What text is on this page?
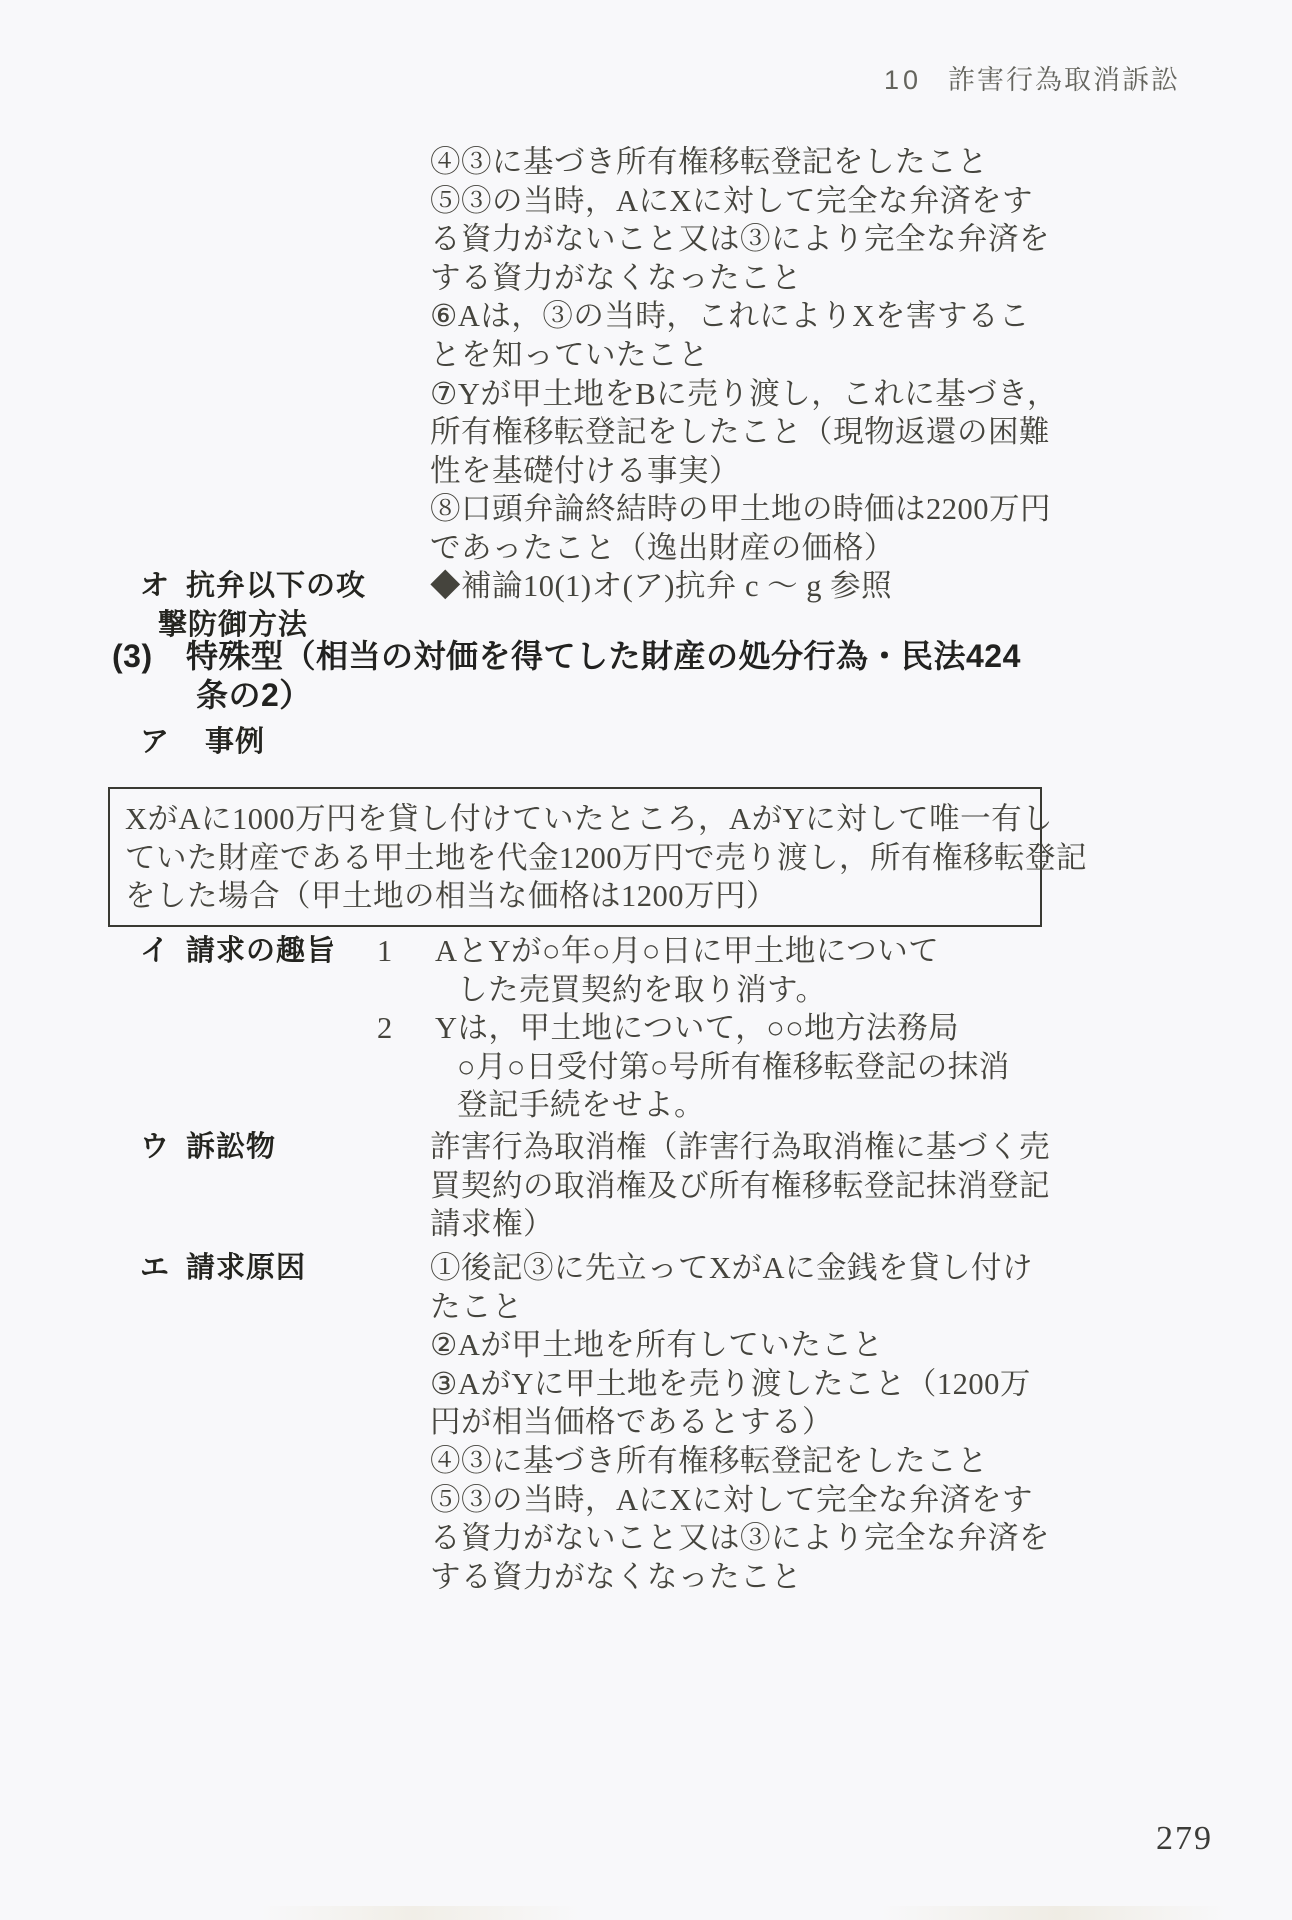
10 詐害行為取消訴訟
④③に基づき所有権移転登記をしたこと
⑤③の当時，AにXに対して完全な弁済をす
る資力がないこと又は③により完全な弁済を
する資力がなくなったこと
⑥Aは，③の当時，これによりXを害するこ
とを知っていたこと
⑦Yが甲土地をBに売り渡し，これに基づき，
所有権移転登記をしたこと（現物返還の困難
性を基礎付ける事実）
⑧口頭弁論終結時の甲土地の時価は2200万円
であったこと（逸出財産の価格）
オ 抗弁以下の攻
撃防御方法
◆補論10(1)オ(ア)抗弁 c ～ g 参照
(3) 特殊型（相当の対価を得てした財産の処分行為・民法424
条の2）
ア 事例
XがAに1000万円を貸し付けていたところ，AがYに対して唯一有し
ていた財産である甲土地を代金1200万円で売り渡し，所有権移転登記
をした場合（甲土地の相当な価格は1200万円）
イ 請求の趣旨 1 AとYが○年○月○日に甲土地について
した売買契約を取り消す。
2 Yは，甲土地について，○○地方法務局
○月○日受付第○号所有権移転登記の抹消
登記手続をせよ。
ウ 訴訟物	詐害行為取消権（詐害行為取消権に基づく売
買契約の取消権及び所有権移転登記抹消登記
請求権）
エ 請求原因	①後記③に先立ってXがAに金銭を貸し付け
たこと
②Aが甲土地を所有していたこと
③AがYに甲土地を売り渡したこと（1200万
円が相当価格であるとする）
④③に基づき所有権移転登記をしたこと
⑤③の当時，AにXに対して完全な弁済をす
る資力がないこと又は③により完全な弁済を
する資力がなくなったこと
279
